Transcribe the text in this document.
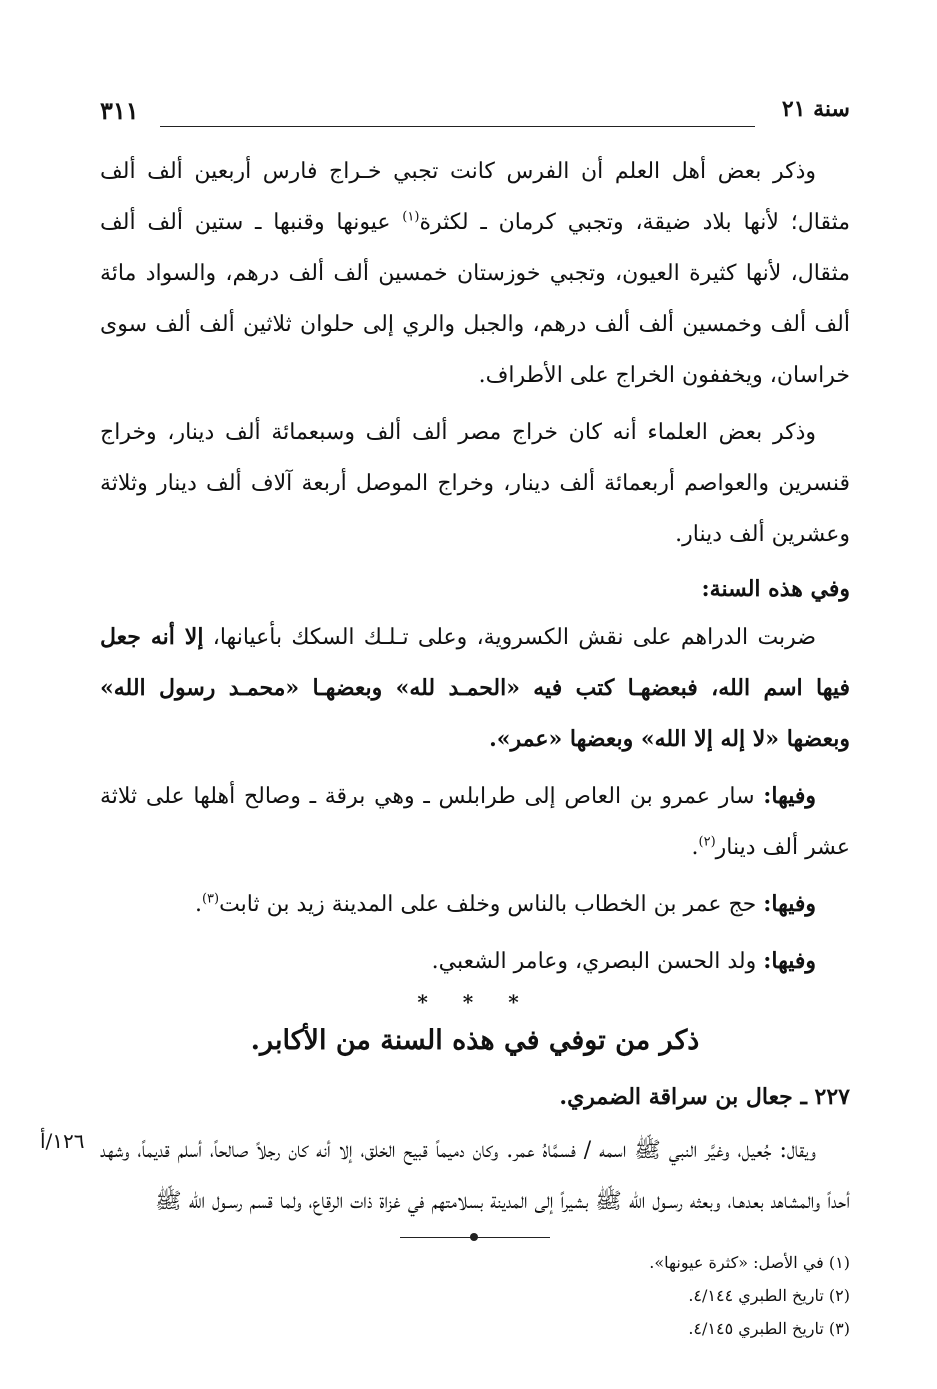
سنة ٢١
٣١١

وذكر بعض أهل العلم أن الفرس كانت تجبي خـراج فارس أربعين ألف ألف مثقال؛ لأنها بلاد ضيقة، وتجبي كرمان ـ لكثرة$^{(١)}$ عيونها وقنبها ـ ستين ألف ألف مثقال، لأنها كثيرة العيون، وتجبي خوزستان خمسين ألف ألف درهم، والسواد مائة ألف ألف وخمسين ألف ألف درهم، والجبل والري إلى حلوان ثلاثين ألف ألف سوى خراسان، ويخففون الخراج على الأطراف.

وذكر بعض العلماء أنه كان خراج مصر ألف ألف وسبعمائة ألف دينار، وخراج قنسرين والعواصم أربعمائة ألف دينار، وخراج الموصل أربعة آلاف ألف دينار وثلاثة وعشرين ألف دينار.

وفي هذه السنة:

ضربت الدراهم على نقش الكسروية، وعلى تـلـك السكك بأعيانها، إلا أنه جعل فيها اسم الله، فبعضهـا كتب فيه «الحمـد لله» وبعضهـا «محمـد رسول الله» وبعضها «لا إله إلا الله» وبعضها «عمر».

وفيها: سار عمرو بن العاص إلى طرابلس ـ وهي برقة ـ وصالح أهلها على ثلاثة عشر ألف دينار$^{(٢)}$.

وفيها: حج عمر بن الخطاب بالناس وخلف على المدينة زيد بن ثابت$^{(٣)}$.

وفيها: ولد الحسن البصري، وعامر الشعبي.

* * *

ذكر من توفي في هذه السنة من الأكابر.

٢٢٧ ـ جعال بن سراقة الضمري.

١٢٦/أ ويقال: جُعيل، وغيَّر النبي ﷺ اسمه / فسمَّاهُ عمر. وكان دميماً قبيح الخلق، إلا أنه كان رجلاً صالحاً، أسلم قديماً، وشهد أحداً والمشاهد بعدهـا، وبعثه رسـول الله ﷺ بشيراً إلى المدينة بسلامتهم في غزاة ذات الرقاع، ولما قسم رسـول الله ﷺ

(١) في الأصل: «كثرة عيونها».

(٢) تاريخ الطبري ٤/١٤٤.

(٣) تاريخ الطبري ٤/١٤٥.
